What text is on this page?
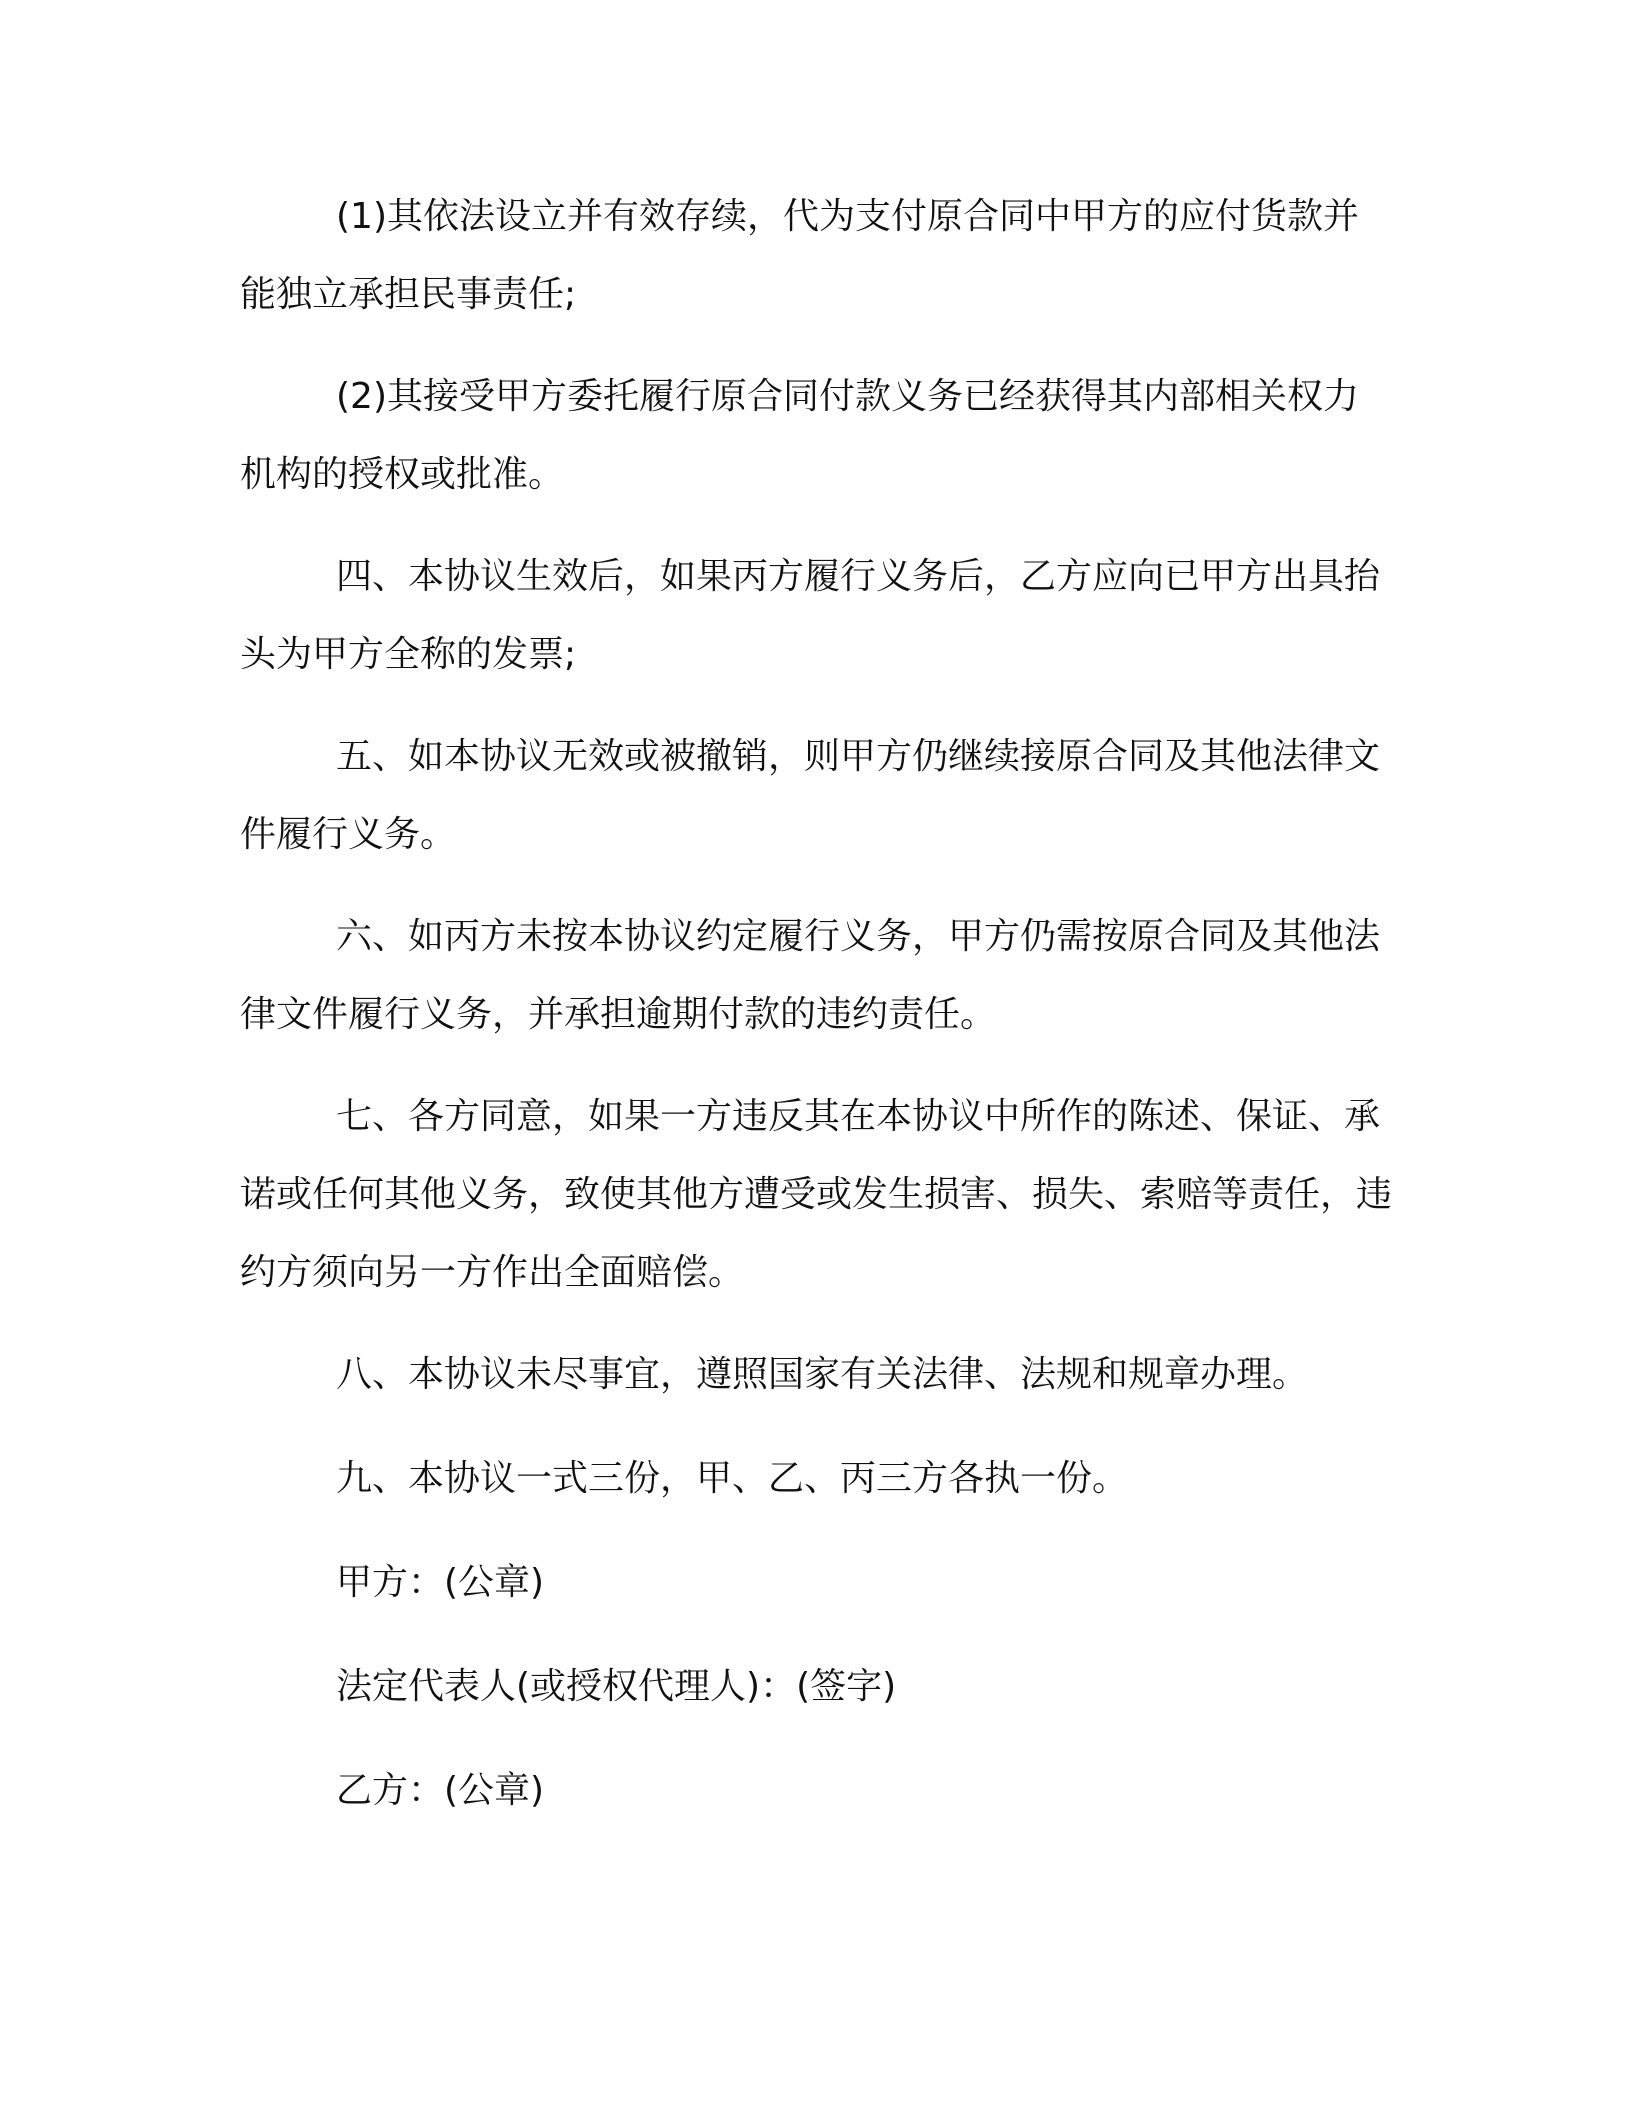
(1)其依法设立并有效存续，代为支付原合同中甲方的应付货款并能独立承担民事责任;

(2)其接受甲方委托履行原合同付款义务已经获得其内部相关权力机构的授权或批准。

四、本协议生效后，如果丙方履行义务后，乙方应向已甲方出具抬头为甲方全称的发票;

五、如本协议无效或被撤销，则甲方仍继续接原合同及其他法律文件履行义务。

六、如丙方未按本协议约定履行义务，甲方仍需按原合同及其他法律文件履行义务，并承担逾期付款的违约责任。

七、各方同意，如果一方违反其在本协议中所作的陈述、保证、承诺或任何其他义务，致使其他方遭受或发生损害、损失、索赔等责任，违约方须向另一方作出全面赔偿。

八、本协议未尽事宜，遵照国家有关法律、法规和规章办理。

九、本协议一式三份，甲、乙、丙三方各执一份。

甲方：(公章)

法定代表人(或授权代理人)：(签字)

乙方：(公章)
